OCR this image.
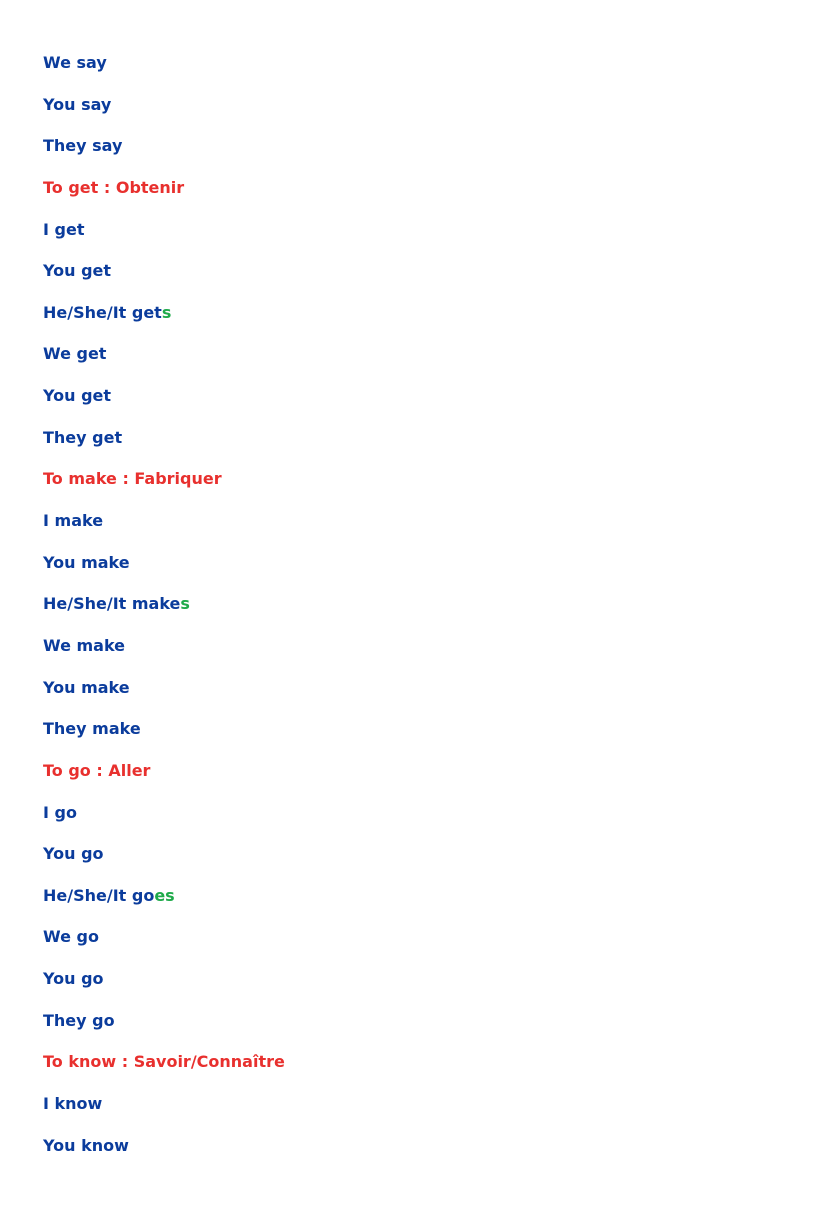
We say
You say
They say
To get : Obtenir
I get
You get
He/She/It gets
We get
You get
They get
To make : Fabriquer
I make
You make
He/She/It makes
We make
You make
They make
To go : Aller
I go
You go
He/She/It goes
We go
You go
They go
To know : Savoir/Connaître
I know
You know
